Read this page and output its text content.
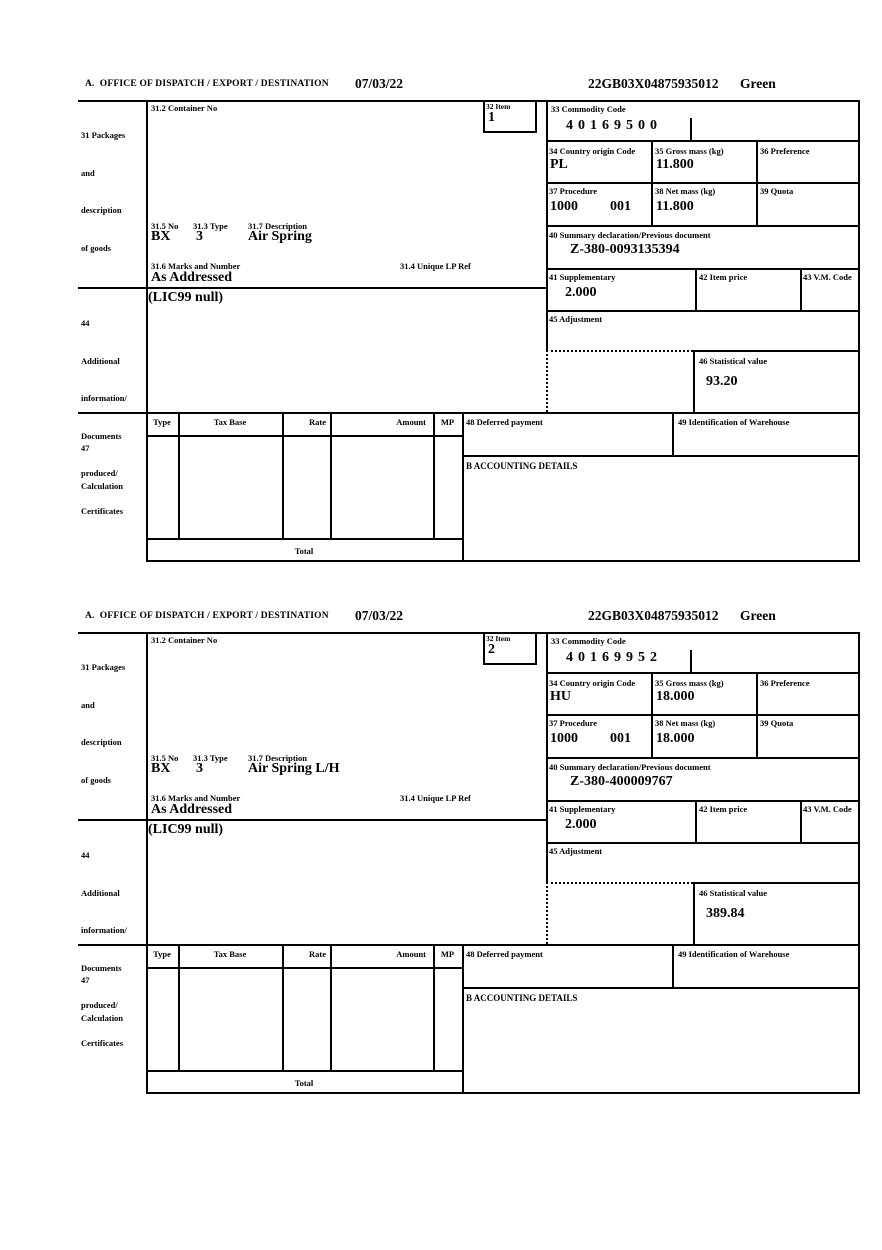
A.  OFFICE OF DISPATCH / EXPORT / DESTINATION 07/03/22	22GB03X04875935012 Green

31 Packages

and

description

of goods

31.2 Container No	32 Item
1
33 Commodity Code
40169500
34 Country origin Code
PL
35 Gross mass (kg)
11.800
36 Preference
37 Procedure
1000 001
38 Net mass (kg)
11.800
39 Quota
31.5 No 31.3 Type 31.7 Description
BX 3	Air Spring	40 Summary declaration/Previous document
Z-380-0093135394
31.6 Marks and Number
As Addressed
31.4 Unique LP Ref
41 Supplementary
2.000
42 Item price	43 V.M. Code

44

Additional

information/

Documents

produced/

Certificates

(LIC99 null)
45 Adjustment
46 Statistical value
93.20

47

Calculation

Type	Tax Base	Rate	Amount	MP	48 Deferred payment	49 Identification of Warehouse
B ACCOUNTING DETAILS
Total
A.  OFFICE OF DISPATCH / EXPORT / DESTINATION 07/03/22	22GB03X04875935012 Green

31 Packages

and

description

of goods

31.2 Container No	32 Item
2
33 Commodity Code
40169952
34 Country origin Code
HU
35 Gross mass (kg)
18.000
36 Preference
37 Procedure
1000 001
38 Net mass (kg)
18.000
39 Quota
31.5 No 31.3 Type 31.7 Description
BX 3	Air Spring L/H	40 Summary declaration/Previous document
Z-380-400009767
31.6 Marks and Number
As Addressed
31.4 Unique LP Ref
41 Supplementary
2.000
42 Item price	43 V.M. Code

44

Additional

information/

Documents

produced/

Certificates

(LIC99 null)
45 Adjustment
46 Statistical value
389.84

47

Calculation

Type	Tax Base	Rate	Amount	MP	48 Deferred payment	49 Identification of Warehouse
B ACCOUNTING DETAILS
Total
